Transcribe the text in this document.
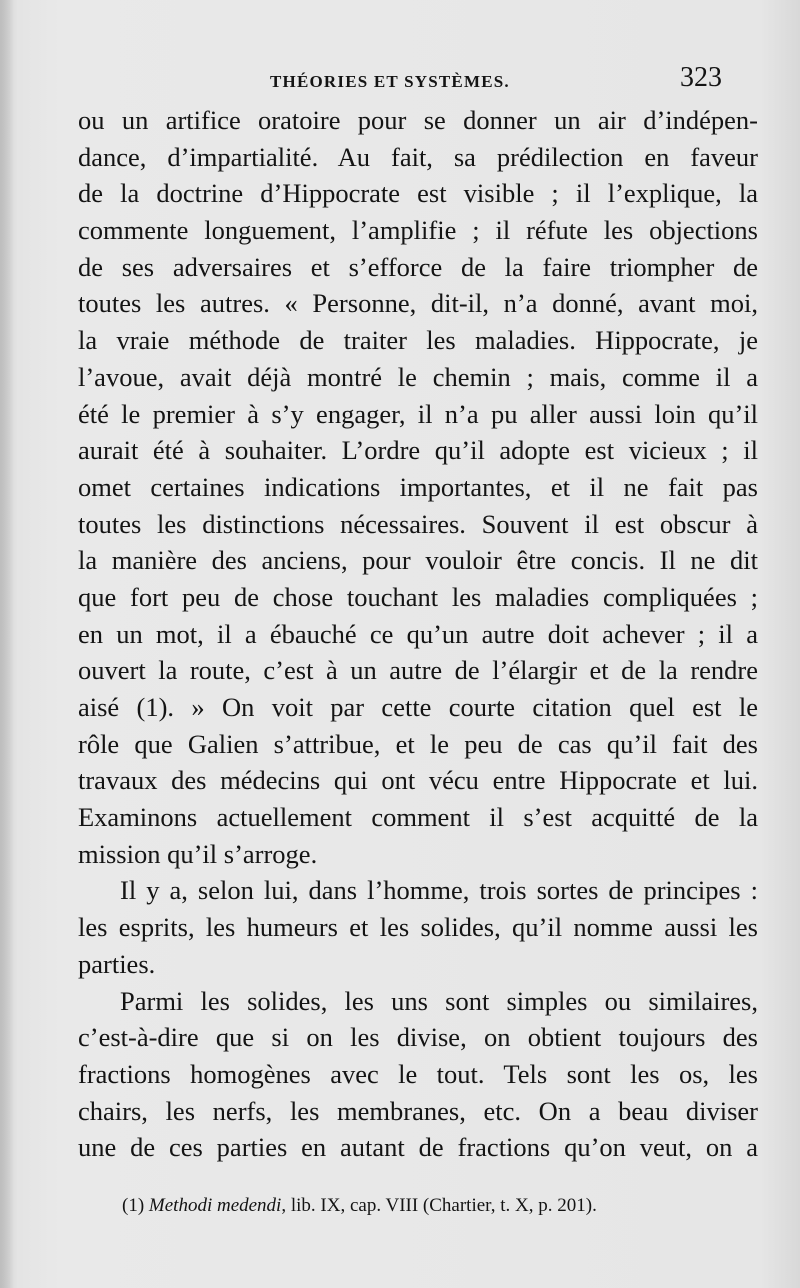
THÉORIES ET SYSTÈMES.	323
ou un artifice oratoire pour se donner un air d’indépen-
dance, d’impartialité. Au fait, sa prédilection en faveur
de la doctrine d’Hippocrate est visible ; il l’explique, la
commente longuement, l’amplifie ; il réfute les objections
de ses adversaires et s’efforce de la faire triompher de
toutes les autres. « Personne, dit-il, n’a donné, avant moi,
la vraie méthode de traiter les maladies. Hippocrate, je
l’avoue, avait déjà montré le chemin ; mais, comme il a
été le premier à s’y engager, il n’a pu aller aussi loin qu’il
aurait été à souhaiter. L’ordre qu’il adopte est vicieux ; il
omet certaines indications importantes, et il ne fait pas
toutes les distinctions nécessaires. Souvent il est obscur à
la manière des anciens, pour vouloir être concis. Il ne dit
que fort peu de chose touchant les maladies compliquées ;
en un mot, il a ébauché ce qu’un autre doit achever ; il a
ouvert la route, c’est à un autre de l’élargir et de la rendre
aisé (1). » On voit par cette courte citation quel est le
rôle que Galien s’attribue, et le peu de cas qu’il fait des
travaux des médecins qui ont vécu entre Hippocrate et lui.
Examinons actuellement comment il s’est acquitté de la
mission qu’il s’arroge.
Il y a, selon lui, dans l’homme, trois sortes de principes :
les esprits, les humeurs et les solides, qu’il nomme aussi les
parties.
Parmi les solides, les uns sont simples ou similaires,
c’est-à-dire que si on les divise, on obtient toujours des
fractions homogènes avec le tout. Tels sont les os, les
chairs, les nerfs, les membranes, etc. On a beau diviser
une de ces parties en autant de fractions qu’on veut, on a
(1) Methodi medendi, lib. IX, cap. VIII (Chartier, t. X, p. 201).
